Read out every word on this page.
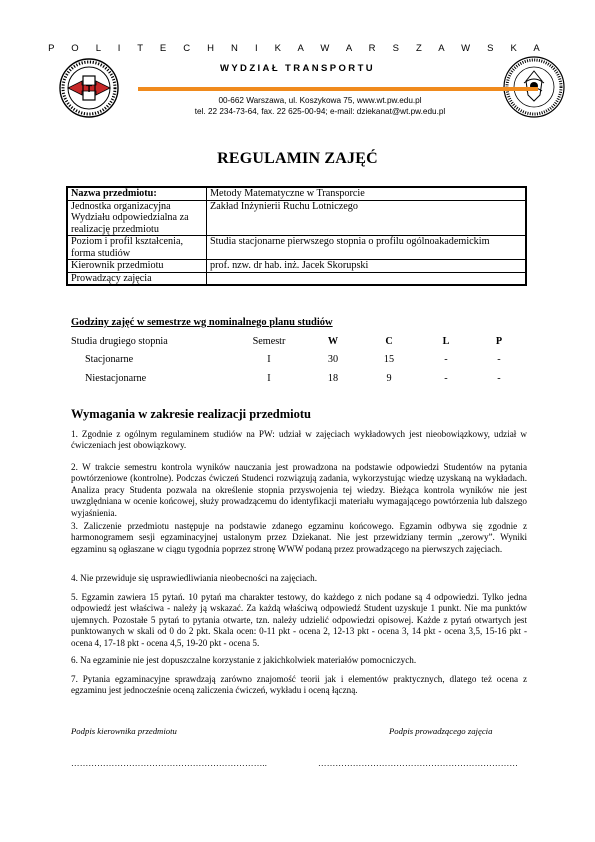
P O L I T E C H N I K A W A R S Z A W S K A
WYDZIAŁ TRANSPORTU
T
00-662 Warszawa, ul. Koszykowa 75, www.wt.pw.edu.pl
tel. 22 234-73-64, fax. 22 625-00-94; e-mail: dziekanat@wt.pw.edu.pl
REGULAMIN ZAJĘĆ
Nazwa przedmiotu:	Metody Matematyczne w Transporcie
Jednostka organizacyjna Wydziału odpowiedzialna za realizację przedmiotu	Zakład Inżynierii Ruchu Lotniczego
Poziom i profil kształcenia, forma studiów	Studia stacjonarne pierwszego stopnia o profilu ogólnoakademickim
Kierownik przedmiotu	prof. nzw. dr hab. inż. Jacek Skorupski
Prowadzący zajęcia	
Godziny zajęć w semestrze wg nominalnego planu studiów
Studia drugiego stopnia	Semestr	W	C	L	P
Stacjonarne	I	30	15	-	-
Niestacjonarne	I	18	9	-	-
Wymagania w zakresie realizacji przedmiotu
1. Zgodnie z ogólnym regulaminem studiów na PW: udział w zajęciach wykładowych jest nieobowiązkowy, udział w ćwiczeniach jest obowiązkowy.
2. W trakcie semestru kontrola wyników nauczania jest prowadzona na podstawie odpowiedzi Studentów na pytania powtórzeniowe (kontrolne). Podczas ćwiczeń Studenci rozwiązują zadania, wykorzystując wiedzę uzyskaną na wykładach. Analiza pracy Studenta pozwala na określenie stopnia przyswojenia tej wiedzy. Bieżąca kontrola wyników nie jest uwzględniana w ocenie końcowej, służy prowadzącemu do identyfikacji materiału wymagającego powtórzenia lub dalszego wyjaśnienia.
3. Zaliczenie przedmiotu następuje na podstawie zdanego egzaminu końcowego. Egzamin odbywa się zgodnie z harmonogramem sesji egzaminacyjnej ustalonym przez Dziekanat. Nie jest przewidziany termin „zerowy”. Wyniki egzaminu są ogłaszane w ciągu tygodnia poprzez stronę WWW podaną przez prowadzącego na pierwszych zajęciach.
4. Nie przewiduje się usprawiedliwiania nieobecności na zajęciach.
5. Egzamin zawiera 15 pytań. 10 pytań ma charakter testowy, do każdego z nich podane są 4 odpowiedzi. Tylko jedna odpowiedź jest właściwa - należy ją wskazać. Za każdą właściwą odpowiedź Student uzyskuje 1 punkt. Nie ma punktów ujemnych. Pozostałe 5 pytań to pytania otwarte, tzn. należy udzielić odpowiedzi opisowej. Każde z pytań otwartych jest punktowanych w skali od 0 do 2 pkt. Skala ocen: 0-11 pkt - ocena 2, 12-13 pkt - ocena 3, 14 pkt - ocena 3,5, 15-16 pkt - ocena 4, 17-18 pkt - ocena 4,5, 19-20 pkt - ocena 5.
6. Na egzaminie nie jest dopuszczalne korzystanie z jakichkolwiek materiałów pomocniczych.
7. Pytania egzaminacyjne sprawdzają zarówno znajomość teorii jak i elementów praktycznych, dlatego też ocena z egzaminu jest jednocześnie oceną zaliczenia ćwiczeń, wykładu i oceną łączną.
Podpis kierownika przedmiotu	Podpis prowadzącego zajęcia
…………………………………………………………..	……………………………………………………………
